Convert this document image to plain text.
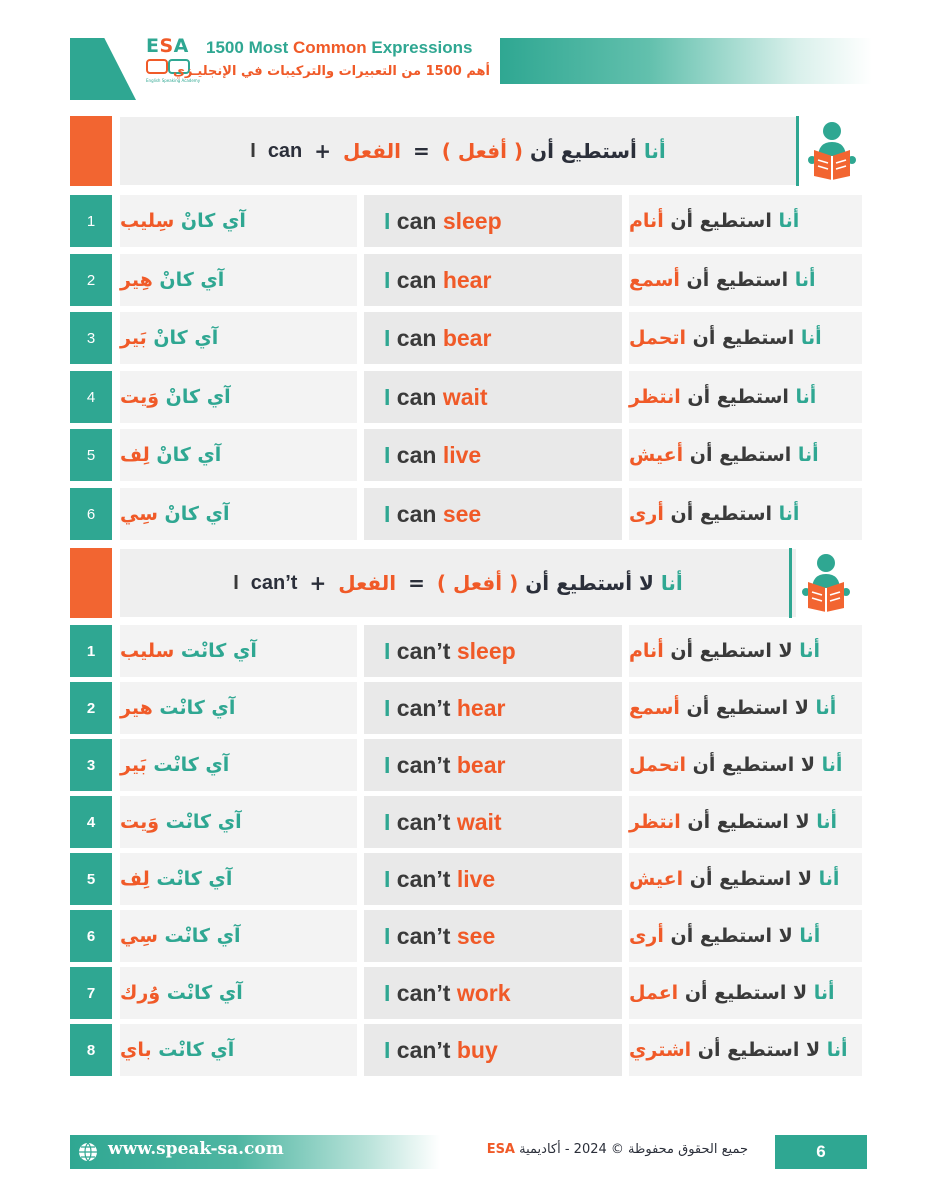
ESA
English Speaking Academy
1500 Most Common Expressions
أهم 1500 من التعبيرات والتركيبات في الإنجليـزي
I can + الفعل =	أنا أستطيع أن ( أفعل )
1	آي كانْ سِليب	I can sleep	أنا استطيع أن أنام
2	آي كانْ هِير	I can hear	أنا استطيع أن أسمع
3	آي كانْ بَير	I can bear	أنا استطيع أن اتحمل
4	آي كانْ وَيت	I can wait	أنا استطيع أن انتظر
5	آي كانْ لِف	I can live	أنا استطيع أن أعيش
6	آي كانْ سِي	I can see	أنا استطيع أن أرى
I can’t + الفعل =	أنا لا أستطيع أن ( أفعل )
1	آي كانْت سليب	I can’t sleep	أنا لا استطيع أن أنام
2	آي كانْت هير	I can’t hear	أنا لا استطيع أن أسمع
3	آي كانْت بَير	I can’t bear	أنا لا استطيع أن اتحمل
4	آي كانْت وَيت	I can’t wait	أنا لا استطيع أن انتظر
5	آي كانْت لِف	I can’t live	أنا لا استطيع أن اعيش
6	آي كانْت سِي	I can’t see	أنا لا استطيع أن أرى
7	آي كانْت وُرك	I can’t work	أنا لا استطيع أن اعمل
8	آي كانْت باي	I can’t buy	أنا لا استطيع أن اشتري
www.speak-sa.com	جميع الحقوق محفوظة © 2024 - أكاديمية ESA	6
